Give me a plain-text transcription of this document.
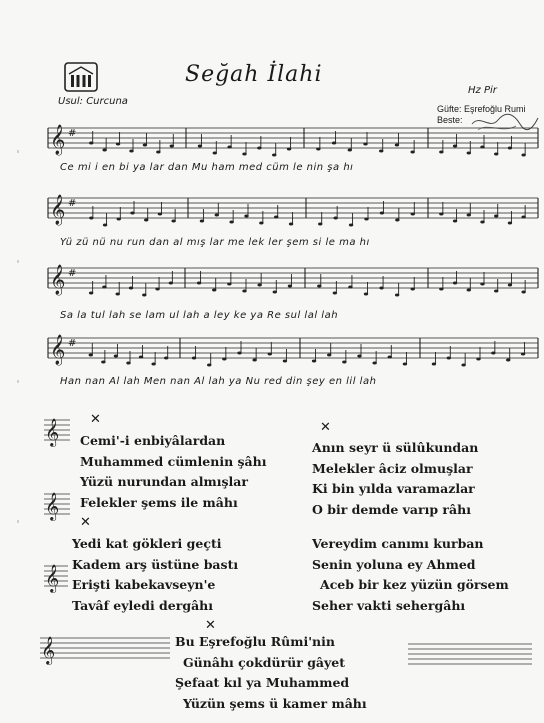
Usul: Curcuna
Seğah İlahi
Hz Pir
Güfte: Eşrefoğlu Rumi
Beste:
𝄞 #
𝄞 #
𝄞 #
𝄞 #
𝄞
𝄞
𝄞
𝄞
Ce mi i en bi ya lar dan Mu ham med cüm le nin şa hı
Yü zü nü nu run dan al mış lar me lek ler şem si le ma hı
Sa la tul lah se lam ul lah a ley ke ya Re sul lal lah
Han nan Al lah Men nan Al lah ya Nu red din şey en lil lah
✕
✕
✕
✕
Cemi'-i enbiyâlardan
Muhammed cümlenin şâhı
Yüzü nurundan almışlar
Felekler şems ile mâhı
Anın seyr ü sülûkundan
Melekler âciz olmuşlar
Ki bin yılda varamazlar
O bir demde varıp râhı
Yedi kat gökleri geçti
Kadem arş üstüne bastı
Erişti kabekavseyn'e
Tavâf eyledi dergâhı
Vereydim canımı kurban
Senin yoluna ey Ahmed
Aceb bir kez yüzün görsem
Seher vakti sehergâhı
Bu Eşrefoğlu Rûmi'nin
Günâhı çokdürür gâyet
Şefaat kıl ya Muhammed
Yüzün şems ü kamer mâhı
